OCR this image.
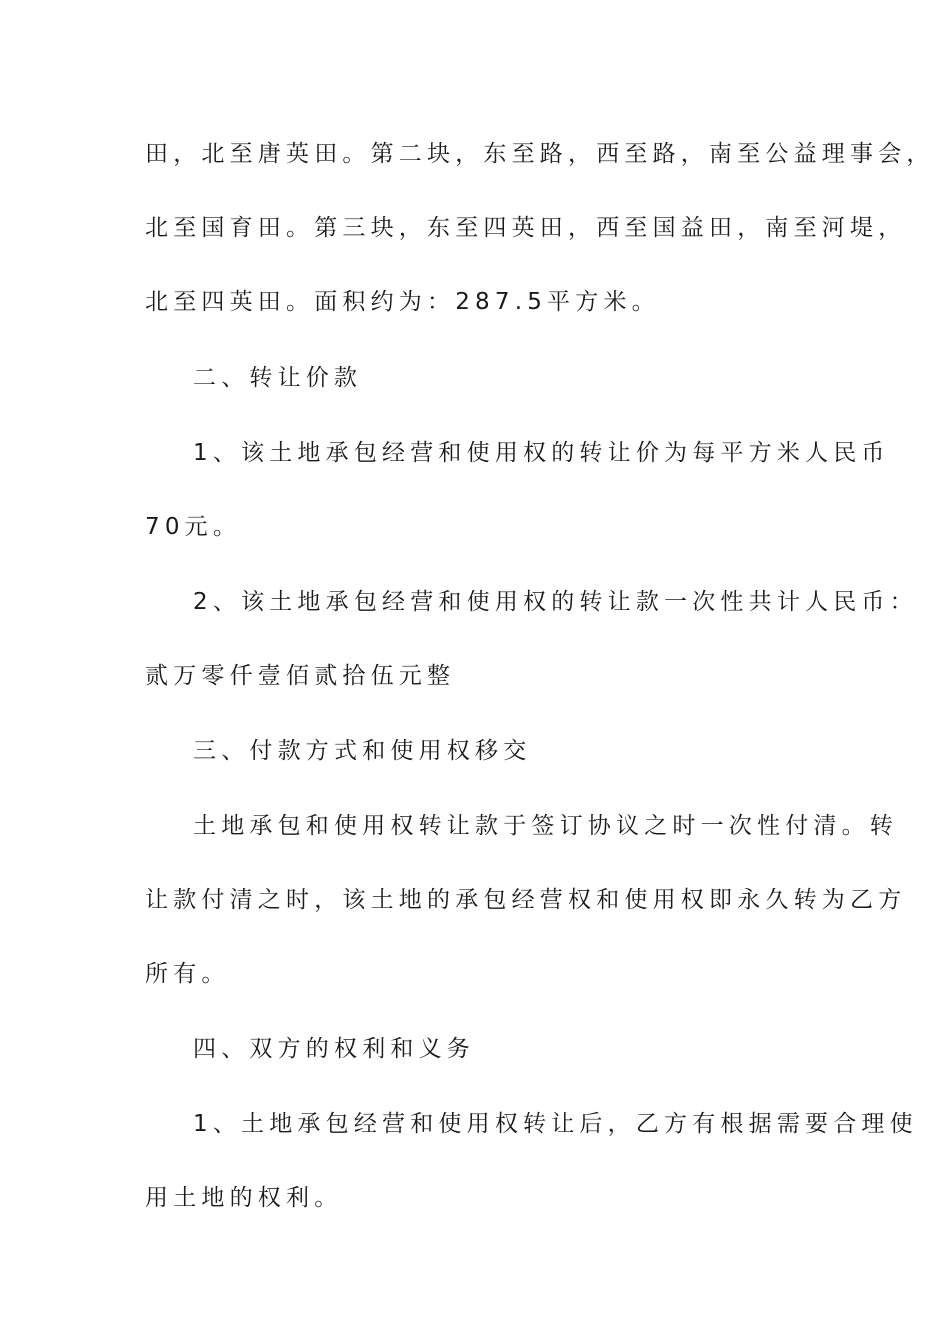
田，北至唐英田。第二块，东至路，西至路，南至公益理事会，
北至国育田。第三块，东至四英田，西至国益田，南至河堤，
北至四英田。面积约为：287.5平方米。
二、转让价款
1、该土地承包经营和使用权的转让价为每平方米人民币
70元。
2、该土地承包经营和使用权的转让款一次性共计人民币：
贰万零仟壹佰贰拾伍元整
三、付款方式和使用权移交
土地承包和使用权转让款于签订协议之时一次性付清。转
让款付清之时，该土地的承包经营权和使用权即永久转为乙方
所有。
四、双方的权利和义务
1、土地承包经营和使用权转让后，乙方有根据需要合理使
用土地的权利。
